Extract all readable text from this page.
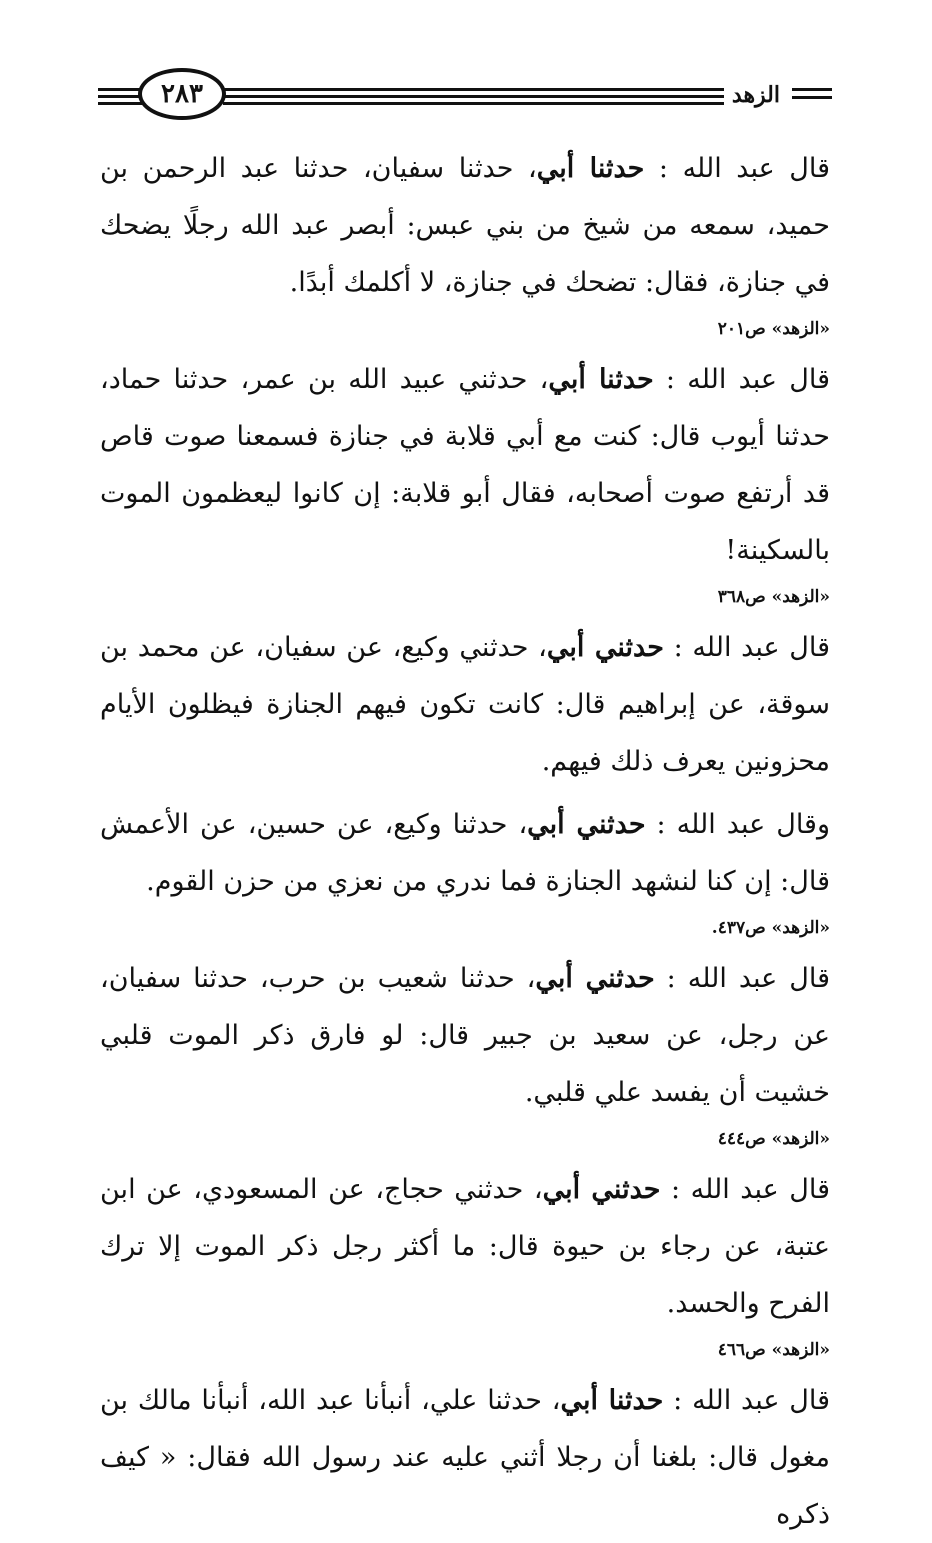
٢٨٣	الزهد

قال عبد الله : حدثنا أبي، حدثنا سفيان، حدثنا عبد الرحمن بن حميد، سمعه من شيخ من بني عبس: أبصر عبد الله رجلًا يضحك في جنازة، فقال: تضحك في جنازة، لا أكلمك أبدًا.

«الزهد» ص٢٠١

قال عبد الله : حدثنا أبي، حدثني عبيد الله بن عمر، حدثنا حماد، حدثنا أيوب قال: كنت مع أبي قلابة في جنازة فسمعنا صوت قاص قد أرتفع صوت أصحابه، فقال أبو قلابة: إن كانوا ليعظمون الموت بالسكينة!

«الزهد» ص٣٦٨

قال عبد الله : حدثني أبي، حدثني وكيع، عن سفيان، عن محمد بن سوقة، عن إبراهيم قال: كانت تكون فيهم الجنازة فيظلون الأيام محزونين يعرف ذلك فيهم.

وقال عبد الله : حدثني أبي، حدثنا وكيع، عن حسين، عن الأعمش قال: إن كنا لنشهد الجنازة فما ندري من نعزي من حزن القوم.

«الزهد» ص٤٣٧.

قال عبد الله : حدثني أبي، حدثنا شعيب بن حرب، حدثنا سفيان، عن رجل، عن سعيد بن جبير قال: لو فارق ذكر الموت قلبي خشيت أن يفسد علي قلبي.

«الزهد» ص٤٤٤

قال عبد الله : حدثني أبي، حدثني حجاج، عن المسعودي، عن ابن عتبة، عن رجاء بن حيوة قال: ما أكثر رجل ذكر الموت إلا ترك الفرح والحسد.

«الزهد» ص٤٦٦

قال عبد الله : حدثنا أبي، حدثنا علي، أنبأنا عبد الله، أنبأنا مالك بن مغول قال: بلغنا أن رجلا أثني عليه عند رسول الله فقال: « كيف ذكره
